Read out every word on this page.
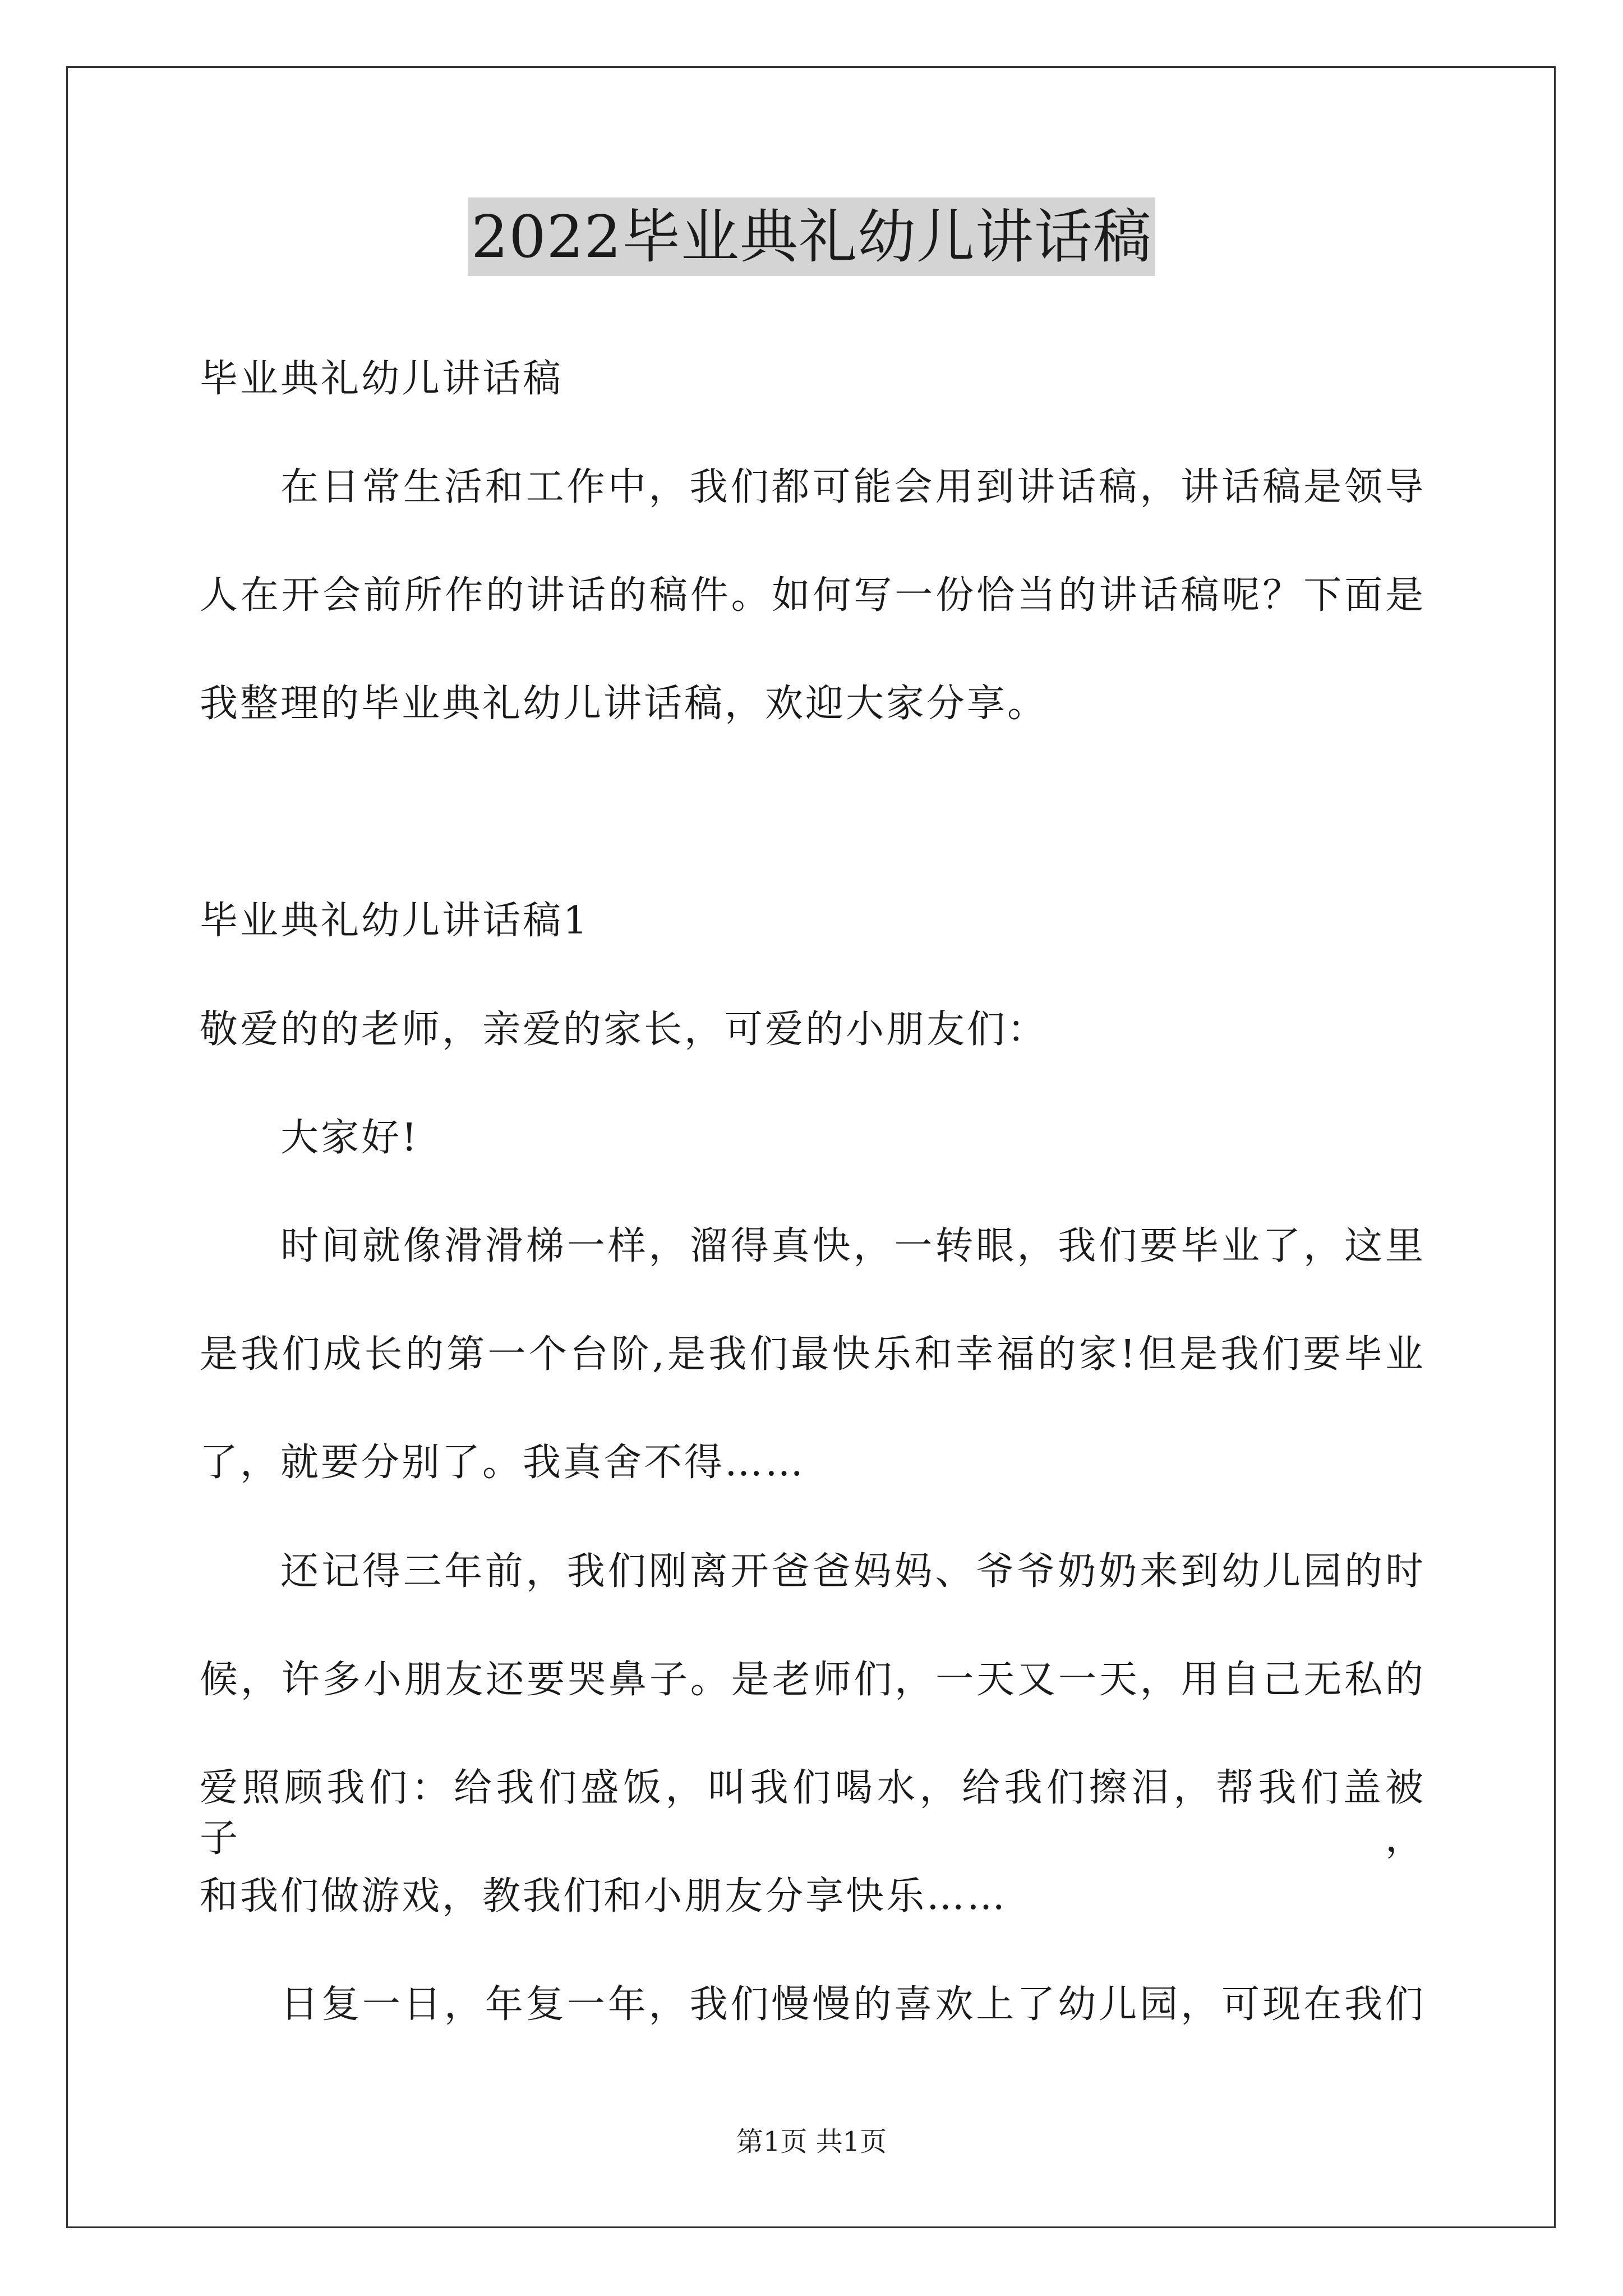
2022毕业典礼幼儿讲话稿
毕业典礼幼儿讲话稿
在日常生活和工作中，我们都可能会用到讲话稿，讲话稿是领导
人在开会前所作的讲话的稿件。如何写一份恰当的讲话稿呢？下面是
我整理的毕业典礼幼儿讲话稿，欢迎大家分享。
毕业典礼幼儿讲话稿1
敬爱的的老师，亲爱的家长，可爱的小朋友们：
大家好!
时间就像滑滑梯一样，溜得真快，一转眼，我们要毕业了，这里
是我们成长的第一个台阶,是我们最快乐和幸福的家!但是我们要毕业
了，就要分别了。我真舍不得……
还记得三年前，我们刚离开爸爸妈妈、爷爷奶奶来到幼儿园的时
候，许多小朋友还要哭鼻子。是老师们，一天又一天，用自己无私的
爱照顾我们：给我们盛饭，叫我们喝水，给我们擦泪，帮我们盖被子，
和我们做游戏，教我们和小朋友分享快乐……
日复一日，年复一年，我们慢慢的喜欢上了幼儿园，可现在我们
第1页 共1页
